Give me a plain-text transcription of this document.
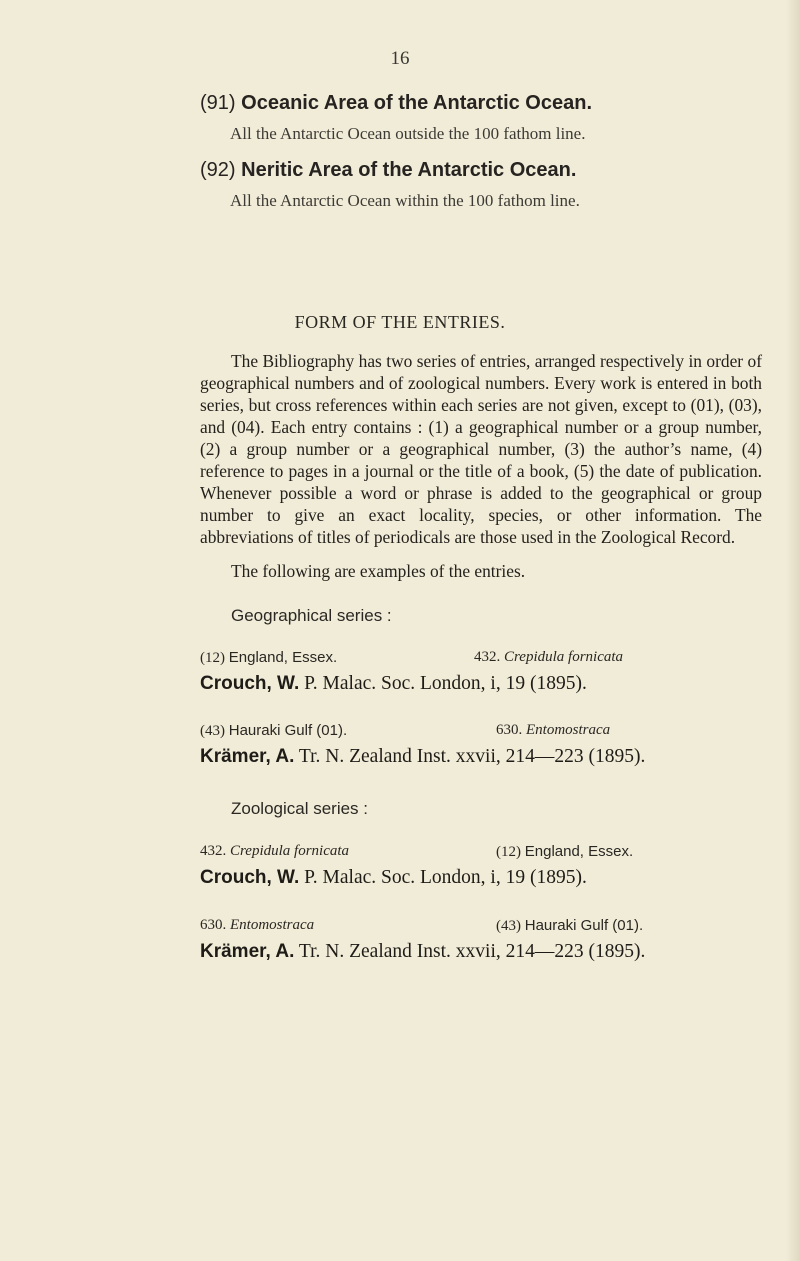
16
(91) Oceanic Area of the Antarctic Ocean.
All the Antarctic Ocean outside the 100 fathom line.
(92) Neritic Area of the Antarctic Ocean.
All the Antarctic Ocean within the 100 fathom line.
FORM OF THE ENTRIES.
The Bibliography has two series of entries, arranged respectively in order of geographical numbers and of zoological numbers. Every work is entered in both series, but cross references within each series are not given, except to (01), (03), and (04). Each entry contains : (1) a geographical number or a group number, (2) a group number or a geographical number, (3) the author’s name, (4) reference to pages in a journal or the title of a book, (5) the date of publication. Whenever possible a word or phrase is added to the geographical or group number to give an exact locality, species, or other information. The abbreviations of titles of periodicals are those used in the Zoological Record.
The following are examples of the entries.
Geographical series :
(12) England, Essex.	432. Crepidula fornicata
Crouch, W. P. Malac. Soc. London, i, 19 (1895).
(43) Hauraki Gulf (01).	630. Entomostraca
Krämer, A. Tr. N. Zealand Inst. xxvii, 214—223 (1895).
Zoological series :
432. Crepidula fornicata	(12) England, Essex.
Crouch, W. P. Malac. Soc. London, i, 19 (1895).
630. Entomostraca	(43) Hauraki Gulf (01).
Krämer, A. Tr. N. Zealand Inst. xxvii, 214—223 (1895).
